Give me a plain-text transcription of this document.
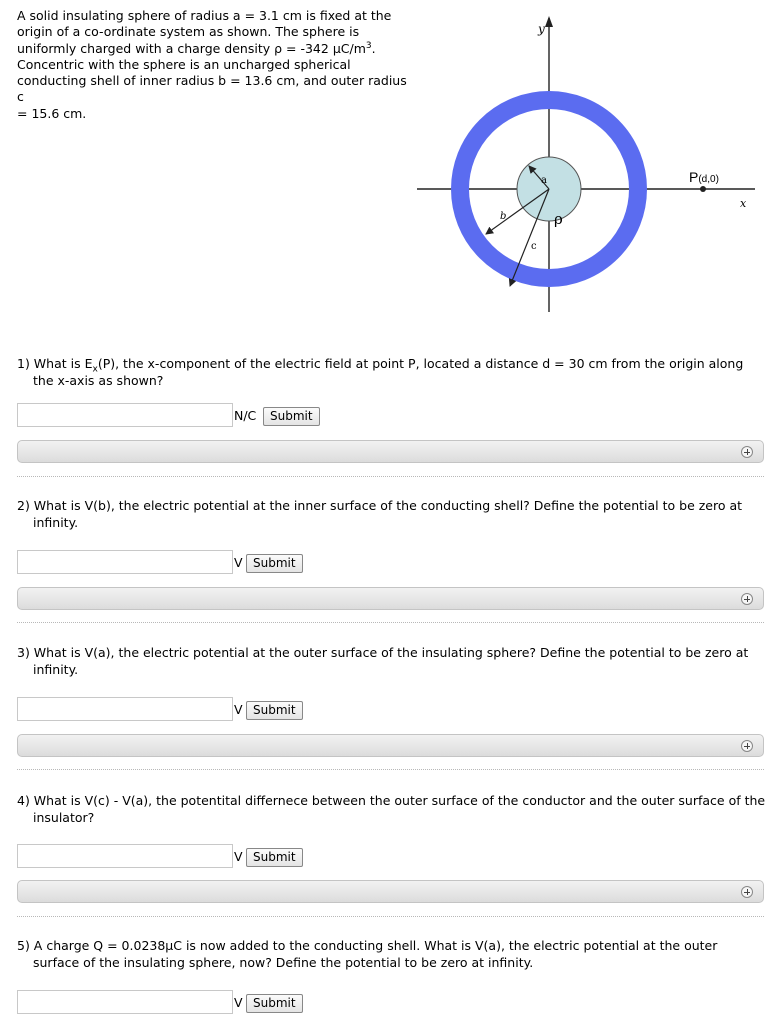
A solid insulating sphere of radius a = 3.1 cm is fixed at the
origin of a co-ordinate system as shown. The sphere is
uniformly charged with a charge density ρ = -342 $\mu C/m^3$.
Concentric with the sphere is an uncharged spherical
conducting shell of inner radius b = 13.6 cm, and outer radius c
= 15.6 cm.
y
x
P(d,0)
a
b
c
ρ
1) What is $E_x(P)$, the x-component of the electric field at point P, located a distance d = 30 cm from the origin along the x-axis as shown?
N/C	Submit
2) What is V(b), the electric potential at the inner surface of the conducting shell? Define the potential to be zero at infinity.
V Submit
3) What is V(a), the electric potential at the outer surface of the insulating sphere? Define the potential to be zero at infinity.
V Submit
4) What is V(c) - V(a), the potentital differnece between the outer surface of the conductor and the outer surface of the insulator?
V Submit
5) A charge Q = 0.0238μC is now added to the conducting shell. What is V(a), the electric potential at the outer surface of the insulating sphere, now? Define the potential to be zero at infinity.
V Submit
